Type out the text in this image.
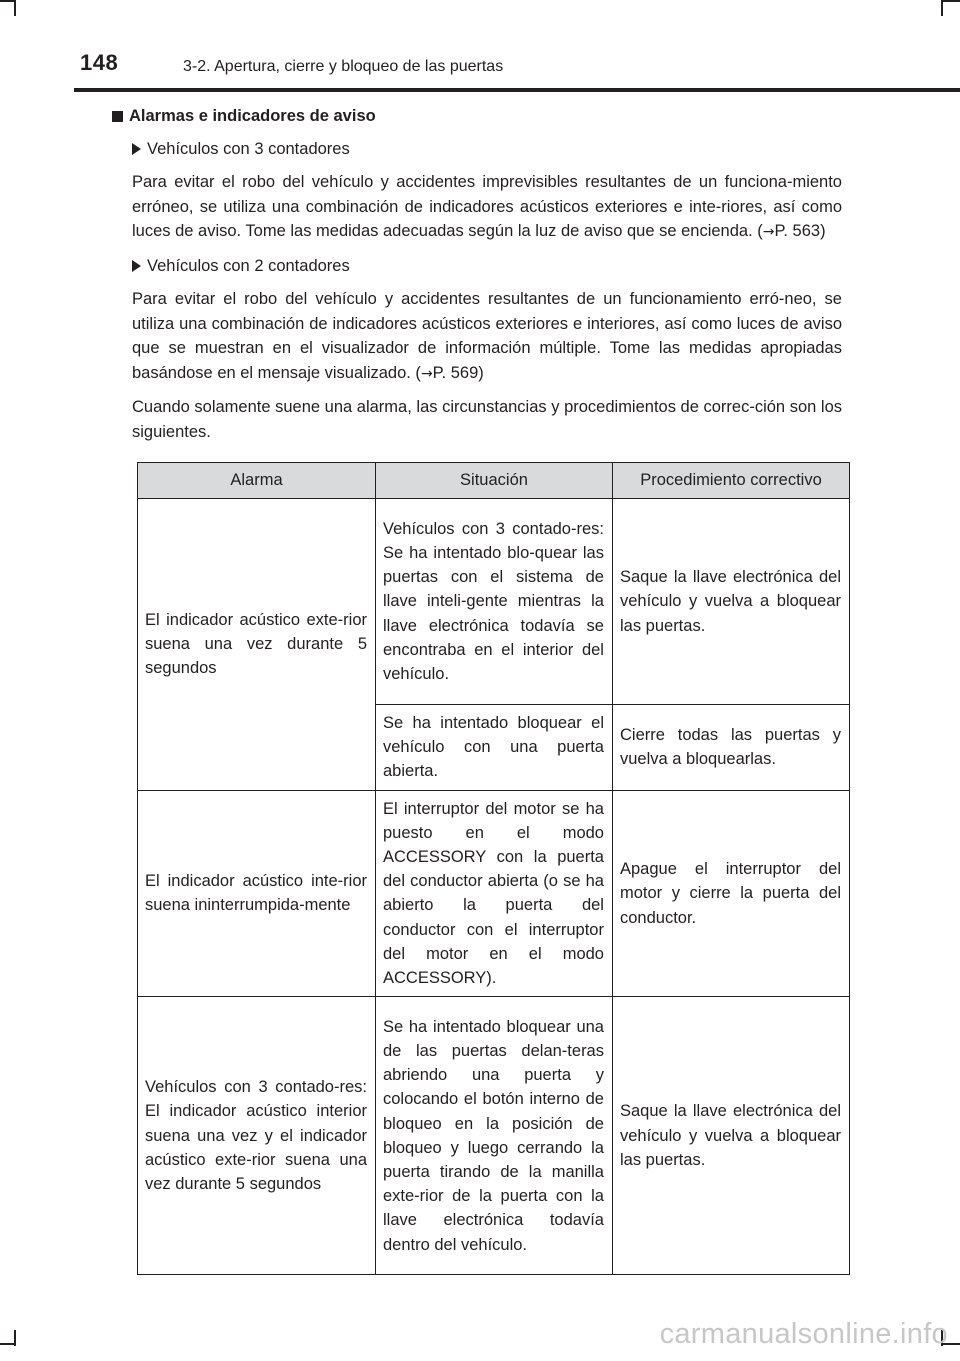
148	3-2. Apertura, cierre y bloqueo de las puertas
Alarmas e indicadores de aviso
Vehículos con 3 contadores

Para evitar el robo del vehículo y accidentes imprevisibles resultantes de un funciona-miento erróneo, se utiliza una combinación de indicadores acústicos exteriores e inte-riores, así como luces de aviso. Tome las medidas adecuadas según la luz de aviso que se encienda. (→P. 563)

Vehículos con 2 contadores

Para evitar el robo del vehículo y accidentes resultantes de un funcionamiento erró-neo, se utiliza una combinación de indicadores acústicos exteriores e interiores, así como luces de aviso que se muestran en el visualizador de información múltiple. Tome las medidas apropiadas basándose en el mensaje visualizado. (→P. 569)

Cuando solamente suene una alarma, las circunstancias y procedimientos de correc-ción son los siguientes.

Alarma	Situación	Procedimiento correctivo
El indicador acústico exte-rior suena una vez durante 5 segundos	Vehículos con 3 contado-res: Se ha intentado blo-quear las puertas con el sistema de llave inteli-gente mientras la llave electrónica todavía se encontraba en el interior del vehículo.	Saque la llave electrónica del vehículo y vuelva a bloquear las puertas.
	Se ha intentado bloquear el vehículo con una puerta abierta.	Cierre todas las puertas y vuelva a bloquearlas.
El indicador acústico inte-rior suena ininterrumpida-mente	El interruptor del motor se ha puesto en el modo ACCESSORY con la puerta del conductor abierta (o se ha abierto la puerta del conductor con el interruptor del motor en el modo ACCESSORY).	Apague el interruptor del motor y cierre la puerta del conductor.
Vehículos con 3 contado-res: El indicador acústico interior suena una vez y el indicador acústico exte-rior suena una vez durante 5 segundos	Se ha intentado bloquear una de las puertas delan-teras abriendo una puerta y colocando el botón interno de bloqueo en la posición de bloqueo y luego cerrando la puerta tirando de la manilla exte-rior de la puerta con la llave electrónica todavía dentro del vehículo.	Saque la llave electrónica del vehículo y vuelva a bloquear las puertas.
carmanualsonline.info
